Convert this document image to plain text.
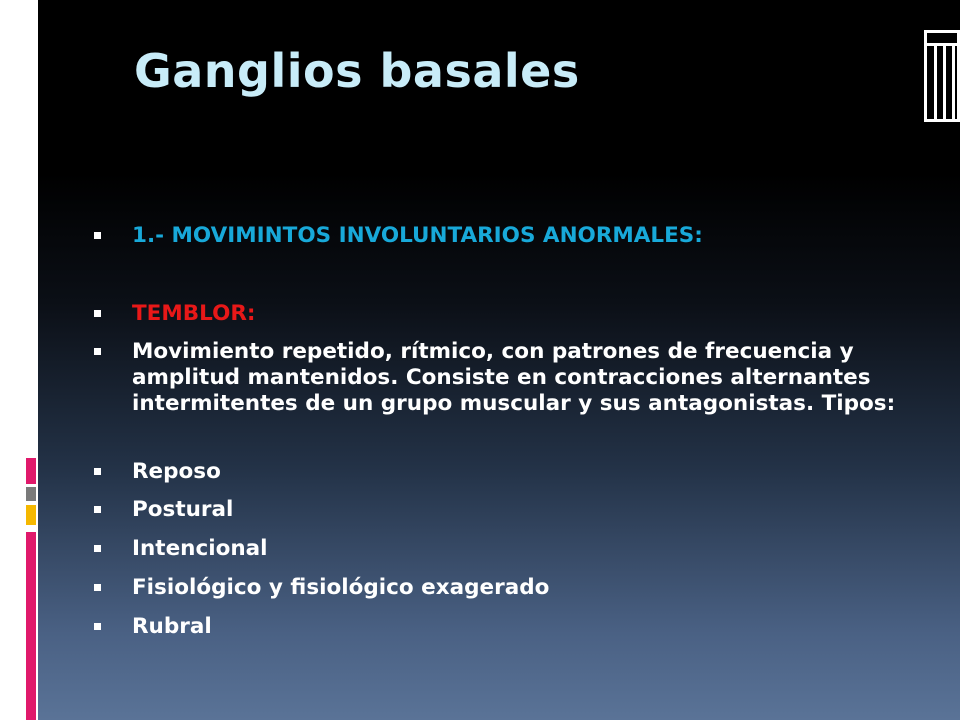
Ganglios basales
1.- MOVIMINTOS INVOLUNTARIOS ANORMALES:
TEMBLOR:
Movimiento repetido, rítmico, con patrones de frecuencia y amplitud mantenidos. Consiste en contracciones alternantes intermitentes de un grupo muscular y sus antagonistas. Tipos:
Reposo
Postural
Intencional
Fisiológico y fisiológico exagerado
Rubral
